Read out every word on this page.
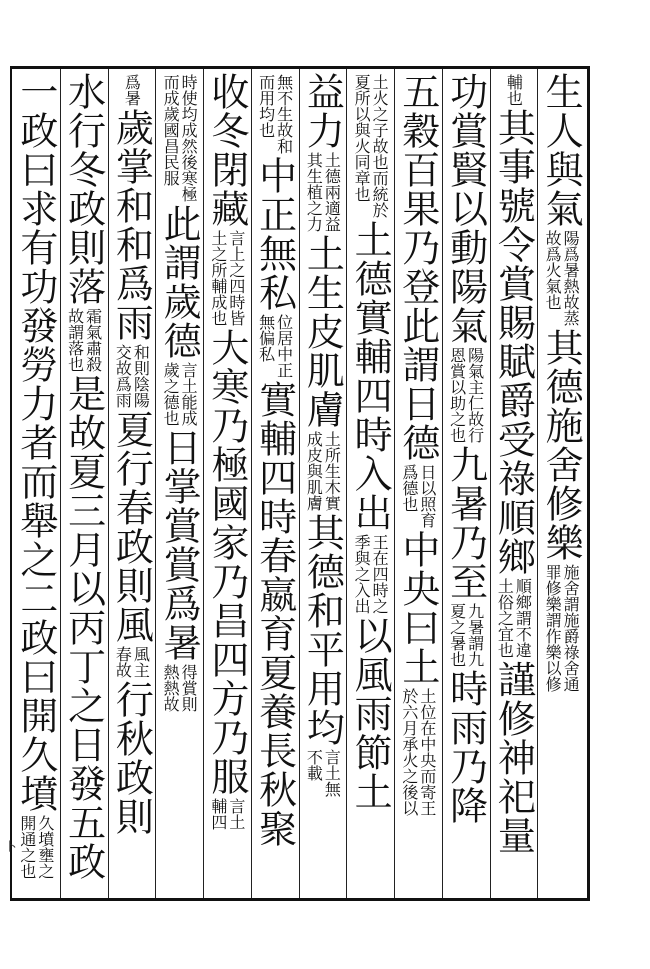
生人與氣
陽爲暑熱故蒸
故爲火氣也
其德施舍修樂
施舍謂施爵祿舍通
罪修樂謂作樂以修
輔也
其事號令賞賜賦爵受祿順鄉
順鄉謂不違
土俗之宜也
謹修神祀量
功賞賢以動陽氣
陽氣主仁故行
恩賞以助之也
九暑乃至
九暑謂九
夏之暑也
時雨乃降
五穀百果乃登此謂日德
日以照育
爲德也
中央曰土
土位在中央而寄王
於六月承火之後以
土火之子故也而統於
夏所以與火同章也
土德實輔四時入出
王在四時之
季與之入出
以風雨節土
益力
土德兩適益
其生植之力
土生皮肌膚
土所生木實
成皮與肌膚
其德和平用均
言土無
不載
無不生故和
而用均也
中正無私
位居中正
無偏私
實輔四時春嬴育夏養長秋聚
收冬閉藏
言上之四時皆
土之所輔成也
大寒乃極國家乃昌四方乃服
言土
輔四
時使均成然後寒極
而成歲國昌民服
此謂歲德
言土能成
歲之德也
日掌賞賞爲暑
得賞則
熱熱故
爲暑
歲掌和和爲雨
和則陰陽
交故爲雨
夏行春政則風
風主
春故
行秋政則
水行冬政則落
霜氣肅殺
故謂落也
是故夏三月以丙丁之日發五政
一政曰求有功發勞力者而舉之二政曰開久墳
久墳壅之
開通之也
卜
